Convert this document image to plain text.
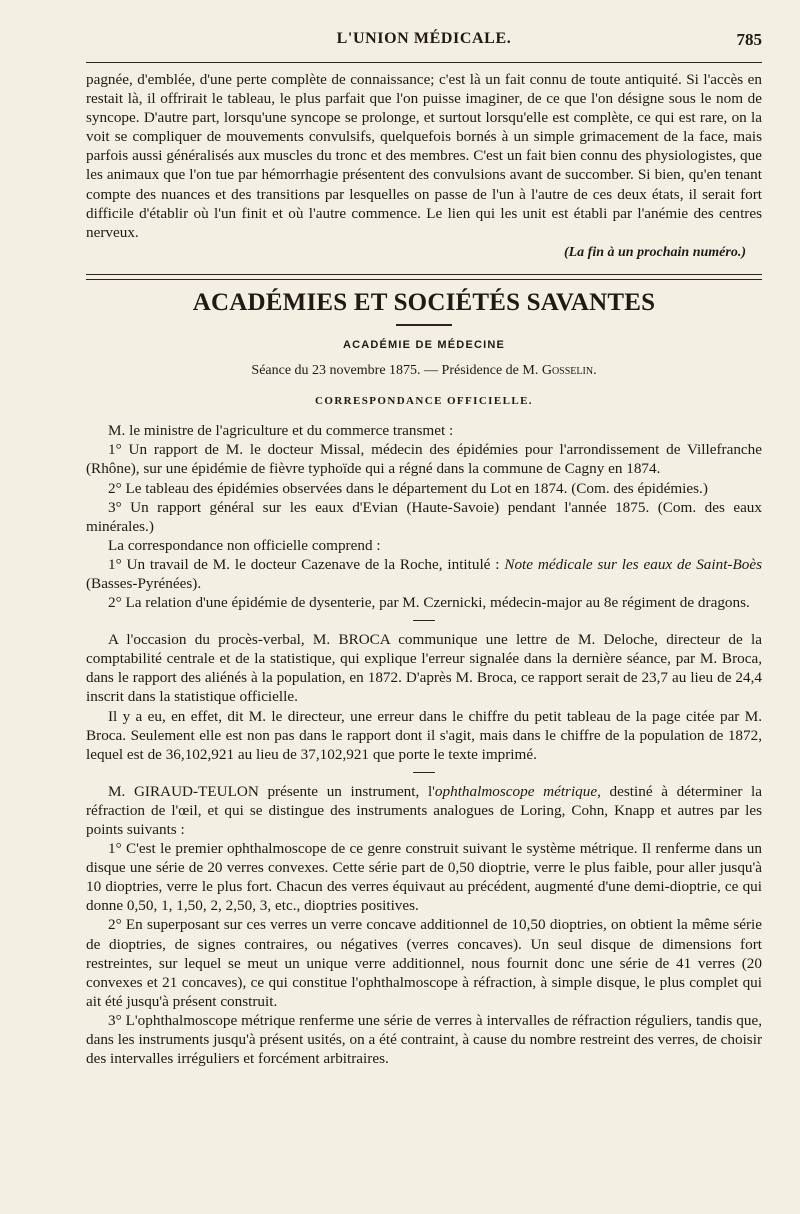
L'UNION MÉDICALE.	785

pagnée, d'emblée, d'une perte complète de connaissance; c'est là un fait connu de toute antiquité. Si l'accès en restait là, il offrirait le tableau, le plus parfait que l'on puisse imaginer, de ce que l'on désigne sous le nom de syncope. D'autre part, lorsqu'une syncope se prolonge, et surtout lorsqu'elle est complète, ce qui est rare, on la voit se compliquer de mouvements convulsifs, quelquefois bornés à un simple grimacement de la face, mais parfois aussi généralisés aux muscles du tronc et des membres. C'est un fait bien connu des physiologistes, que les animaux que l'on tue par hémorrhagie présentent des convulsions avant de succomber. Si bien, qu'en tenant compte des nuances et des transitions par lesquelles on passe de l'un à l'autre de ces deux états, il serait fort difficile d'établir où l'un finit et où l'autre commence. Le lien qui les unit est établi par l'anémie des centres nerveux.

(La fin à un prochain numéro.)

ACADÉMIES ET SOCIÉTÉS SAVANTES
ACADÉMIE DE MÉDECINE
Séance du 23 novembre 1875. — Présidence de M. Gosselin.
CORRESPONDANCE OFFICIELLE.

M. le ministre de l'agriculture et du commerce transmet :

1° Un rapport de M. le docteur Missal, médecin des épidémies pour l'arrondissement de Villefranche (Rhône), sur une épidémie de fièvre typhoïde qui a régné dans la commune de Cagny en 1874.

2° Le tableau des épidémies observées dans le département du Lot en 1874. (Com. des épidémies.)

3° Un rapport général sur les eaux d'Evian (Haute-Savoie) pendant l'année 1875. (Com. des eaux minérales.)

La correspondance non officielle comprend :

1° Un travail de M. le docteur Cazenave de la Roche, intitulé : Note médicale sur les eaux de Saint-Boès (Basses-Pyrénées).

2° La relation d'une épidémie de dysenterie, par M. Czernicki, médecin-major au 8e régiment de dragons.

A l'occasion du procès-verbal, M. BROCA communique une lettre de M. Deloche, directeur de la comptabilité centrale et de la statistique, qui explique l'erreur signalée dans la dernière séance, par M. Broca, dans le rapport des aliénés à la population, en 1872. D'après M. Broca, ce rapport serait de 23,7 au lieu de 24,4 inscrit dans la statistique officielle.

Il y a eu, en effet, dit M. le directeur, une erreur dans le chiffre du petit tableau de la page citée par M. Broca. Seulement elle est non pas dans le rapport dont il s'agit, mais dans le chiffre de la population de 1872, lequel est de 36,102,921 au lieu de 37,102,921 que porte le texte imprimé.

M. GIRAUD-TEULON présente un instrument, l'ophthalmoscope métrique, destiné à déterminer la réfraction de l'œil, et qui se distingue des instruments analogues de Loring, Cohn, Knapp et autres par les points suivants :

1° C'est le premier ophthalmoscope de ce genre construit suivant le système métrique. Il renferme dans un disque une série de 20 verres convexes. Cette série part de 0,50 dioptrie, verre le plus faible, pour aller jusqu'à 10 dioptries, verre le plus fort. Chacun des verres équivaut au précédent, augmenté d'une demi-dioptrie, ce qui donne 0,50, 1, 1,50, 2, 2,50, 3, etc., dioptries positives.

2° En superposant sur ces verres un verre concave additionnel de 10,50 dioptries, on obtient la même série de dioptries, de signes contraires, ou négatives (verres concaves). Un seul disque de dimensions fort restreintes, sur lequel se meut un unique verre additionnel, nous fournit donc une série de 41 verres (20 convexes et 21 concaves), ce qui constitue l'ophthalmoscope à réfraction, à simple disque, le plus complet qui ait été jusqu'à présent construit.

3° L'ophthalmoscope métrique renferme une série de verres à intervalles de réfraction réguliers, tandis que, dans les instruments jusqu'à présent usités, on a été contraint, à cause du nombre restreint des verres, de choisir des intervalles irréguliers et forcément arbitraires.
